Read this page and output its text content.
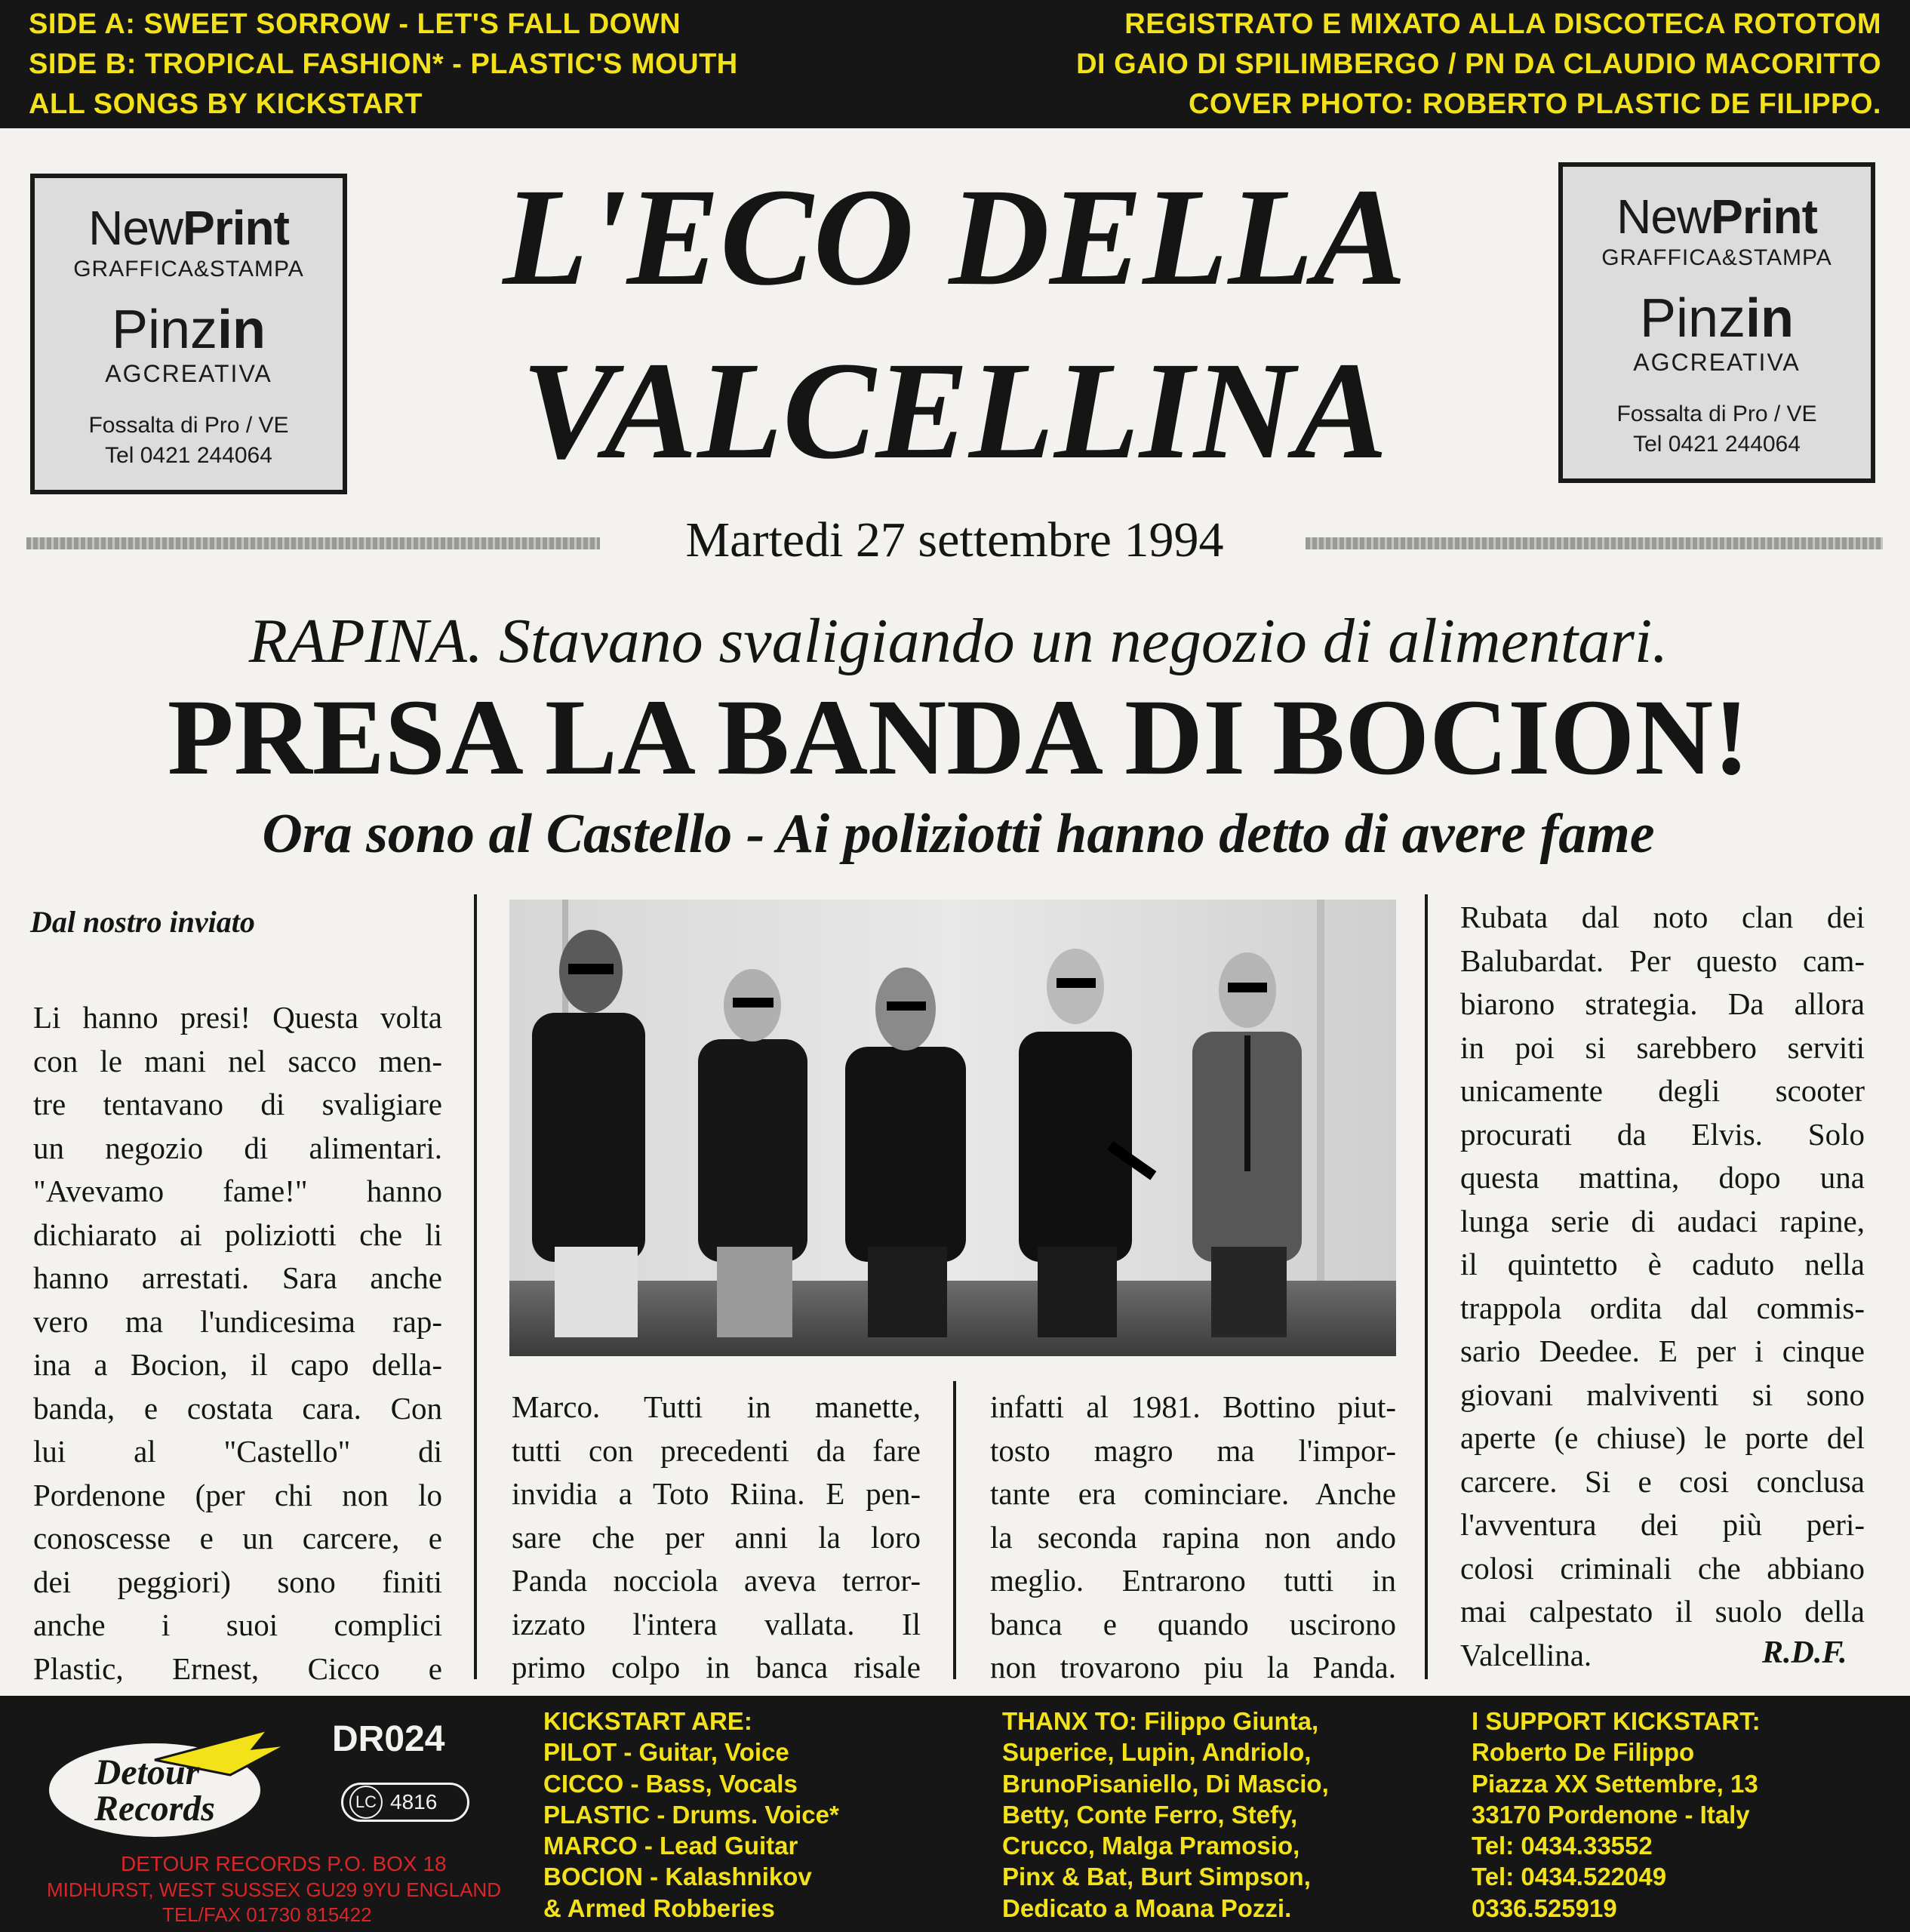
SIDE A: SWEET SORROW - LET'S FALL DOWN
SIDE B: TROPICAL FASHION* - PLASTIC'S MOUTH
ALL SONGS BY KICKSTART
REGISTRATO E MIXATO ALLA DISCOTECA ROTOTOM
DI GAIO DI SPILIMBERGO / PN DA CLAUDIO MACORITTO
COVER PHOTO: ROBERTO PLASTIC DE FILIPPO.
NewPrint
GRAFFICA&STAMPA
Pinzin
AGCREATIVA
Fossalta di Pro / VE
Tel 0421 244064
NewPrint
GRAFFICA&STAMPA
Pinzin
AGCREATIVA
Fossalta di Pro / VE
Tel 0421 244064
L'ECO DELLA
VALCELLINA
Martedi 27 settembre 1994
RAPINA. Stavano svaligiando un negozio di alimentari.
PRESA LA BANDA DI BOCION!
Ora sono al Castello - Ai poliziotti hanno detto di avere fame
Dal nostro inviato
Li hanno presi! Questa volta
con le mani nel sacco men-
tre tentavano di svaligiare
un negozio di alimentari.
"Avevamo fame!" hanno
dichiarato ai poliziotti che li
hanno arrestati. Sara anche
vero ma l'undicesima rap-
ina a Bocion, il capo della-
banda, e costata cara. Con
lui al "Castello" di
Pordenone (per chi non lo
conoscesse e un carcere, e
dei peggiori) sono finiti
anche i suoi complici
Plastic, Ernest, Cicco e
Marco. Tutti in manette,
tutti con precedenti da fare
invidia a Toto Riina. E pen-
sare che per anni la loro
Panda nocciola aveva terror-
izzato l'intera vallata. Il
primo colpo in banca risale
infatti al 1981. Bottino piut-
tosto magro ma l'impor-
tante era cominciare. Anche
la seconda rapina non ando
meglio. Entrarono tutti in
banca e quando uscirono
non trovarono piu la Panda.
Rubata dal noto clan dei
Balubardat. Per questo cam-
biarono strategia. Da allora
in poi si sarebbero serviti
unicamente degli scooter
procurati da Elvis. Solo
questa mattina, dopo una
lunga serie di audaci rapine,
il quintetto è caduto nella
trappola ordita dal commis-
sario Deedee. E per i cinque
giovani malviventi si sono
aperte (e chiuse) le porte del
carcere. Si e cosi conclusa
l'avventura dei più peri-
colosi criminali che abbiano
mai calpestato il suolo della
Valcellina.	R.D.F.
Detour
Records
DR024
LC 4816
DETOUR RECORDS P.O. BOX 18
MIDHURST, WEST SUSSEX GU29 9YU ENGLAND
TEL/FAX 01730 815422
KICKSTART ARE:
PILOT - Guitar, Voice
CICCO - Bass, Vocals
PLASTIC - Drums. Voice*
MARCO - Lead Guitar
BOCION - Kalashnikov
& Armed Robberies
THANX TO: Filippo Giunta,
Superice, Lupin, Andriolo,
BrunoPisaniello, Di Mascio,
Betty, Conte Ferro, Stefy,
Crucco, Malga Pramosio,
Pinx & Bat, Burt Simpson,
Dedicato a Moana Pozzi.
I SUPPORT KICKSTART:
Roberto De Filippo
Piazza XX Settembre, 13
33170 Pordenone - Italy
Tel: 0434.33552
Tel: 0434.522049
0336.525919
